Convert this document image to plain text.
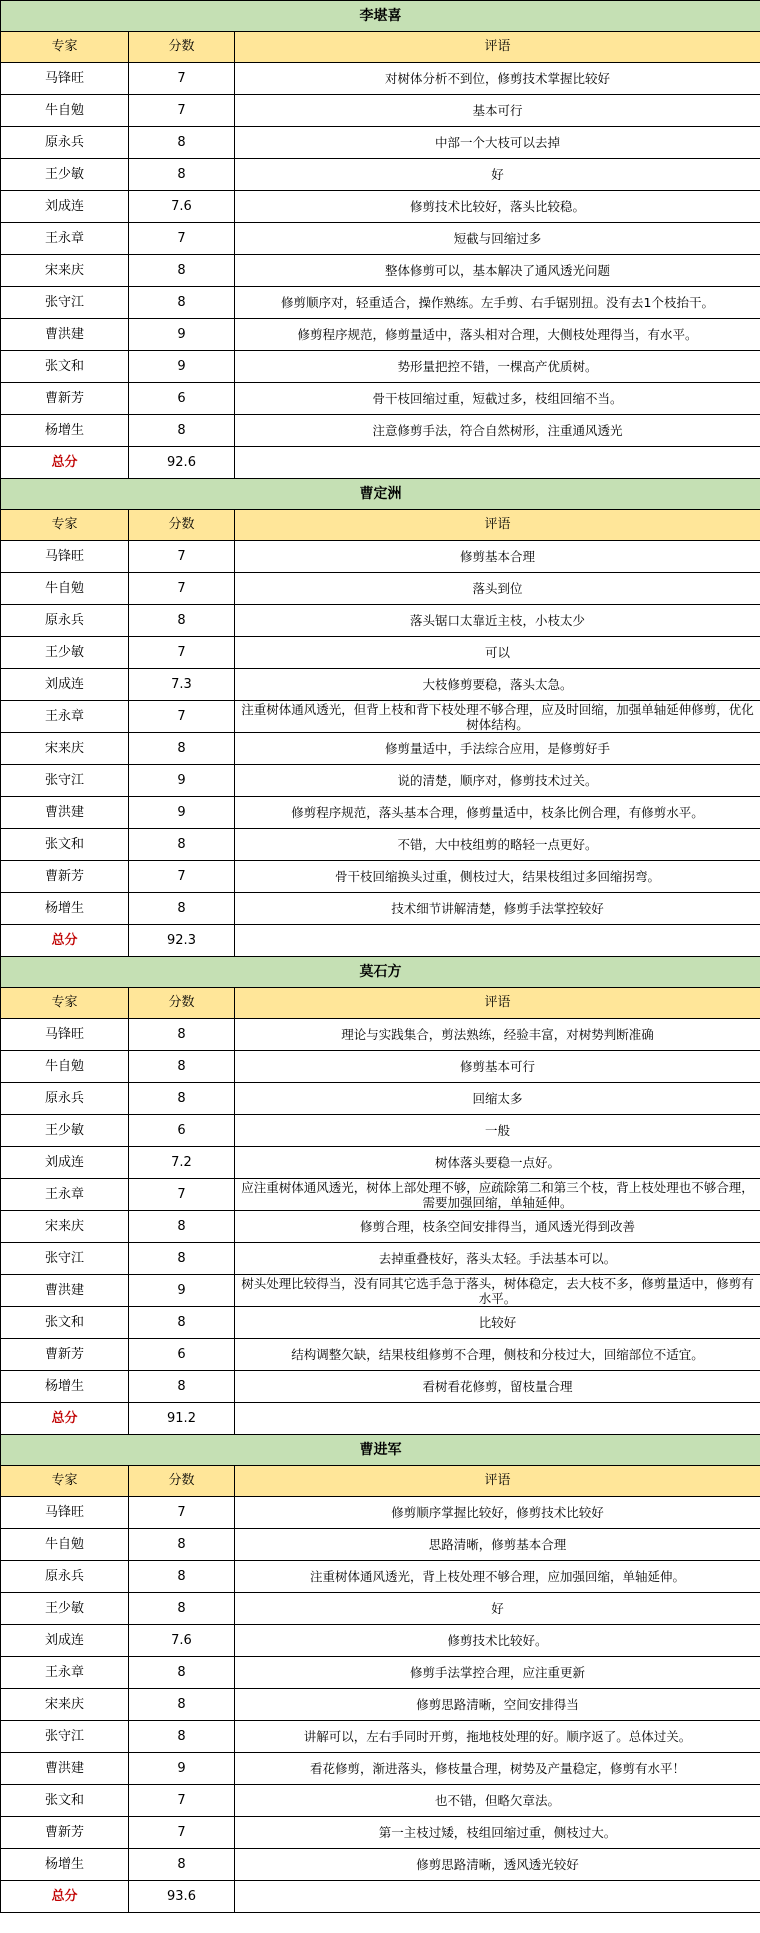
李堪喜		
专家	分数	评语
马锋旺	7	对树体分析不到位，修剪技术掌握比较好
牛自勉	7	基本可行
原永兵	8	中部一个大枝可以去掉
王少敏	8	好
刘成连	7.6	修剪技术比较好，落头比较稳。
王永章	7	短截与回缩过多
宋来庆	8	整体修剪可以，基本解决了通风透光问题
张守江	8	修剪顺序对，轻重适合，操作熟练。左手剪、右手锯别扭。没有去1个枝抬干。
曹洪建	9	修剪程序规范，修剪量适中，落头相对合理，大侧枝处理得当，有水平。
张文和	9	势形量把控不错，一棵高产优质树。
曹新芳	6	骨干枝回缩过重，短截过多，枝组回缩不当。
杨增生	8	注意修剪手法，符合自然树形，注重通风透光
总分	92.6	
曹定洲		
专家	分数	评语
马锋旺	7	修剪基本合理
牛自勉	7	落头到位
原永兵	8	落头锯口太靠近主枝，小枝太少
王少敏	7	可以
刘成连	7.3	大枝修剪要稳，落头太急。
王永章	7	注重树体通风透光，但背上枝和背下枝处理不够合理，应及时回缩，加强单轴延伸修剪，优化树体结构。
宋来庆	8	修剪量适中，手法综合应用，是修剪好手
张守江	9	说的清楚，顺序对，修剪技术过关。
曹洪建	9	修剪程序规范，落头基本合理，修剪量适中，枝条比例合理，有修剪水平。
张文和	8	不错，大中枝组剪的略轻一点更好。
曹新芳	7	骨干枝回缩换头过重，侧枝过大，结果枝组过多回缩拐弯。
杨增生	8	技术细节讲解清楚，修剪手法掌控较好
总分	92.3	
莫石方		
专家	分数	评语
马锋旺	8	理论与实践集合，剪法熟练，经验丰富，对树势判断准确
牛自勉	8	修剪基本可行
原永兵	8	回缩太多
王少敏	6	一般
刘成连	7.2	树体落头要稳一点好。
王永章	7	应注重树体通风透光，树体上部处理不够，应疏除第二和第三个枝，背上枝处理也不够合理，需要加强回缩，单轴延伸。
宋来庆	8	修剪合理，枝条空间安排得当，通风透光得到改善
张守江	8	去掉重叠枝好，落头太轻。手法基本可以。
曹洪建	9	树头处理比较得当，没有同其它选手急于落头，树体稳定，去大枝不多，修剪量适中，修剪有水平。
张文和	8	比较好
曹新芳	6	结构调整欠缺，结果枝组修剪不合理，侧枝和分枝过大，回缩部位不适宜。
杨增生	8	看树看花修剪，留枝量合理
总分	91.2	
曹进军		
专家	分数	评语
马锋旺	7	修剪顺序掌握比较好，修剪技术比较好
牛自勉	8	思路清晰，修剪基本合理
原永兵	8	注重树体通风透光，背上枝处理不够合理，应加强回缩，单轴延伸。
王少敏	8	好
刘成连	7.6	修剪技术比较好。
王永章	8	修剪手法掌控合理，应注重更新
宋来庆	8	修剪思路清晰，空间安排得当
张守江	8	讲解可以，左右手同时开剪，拖地枝处理的好。顺序返了。总体过关。
曹洪建	9	看花修剪，渐进落头，修枝量合理，树势及产量稳定，修剪有水平！
张文和	7	也不错，但略欠章法。
曹新芳	7	第一主枝过矮，枝组回缩过重，侧枝过大。
杨增生	8	修剪思路清晰，透风透光较好
总分	93.6	
